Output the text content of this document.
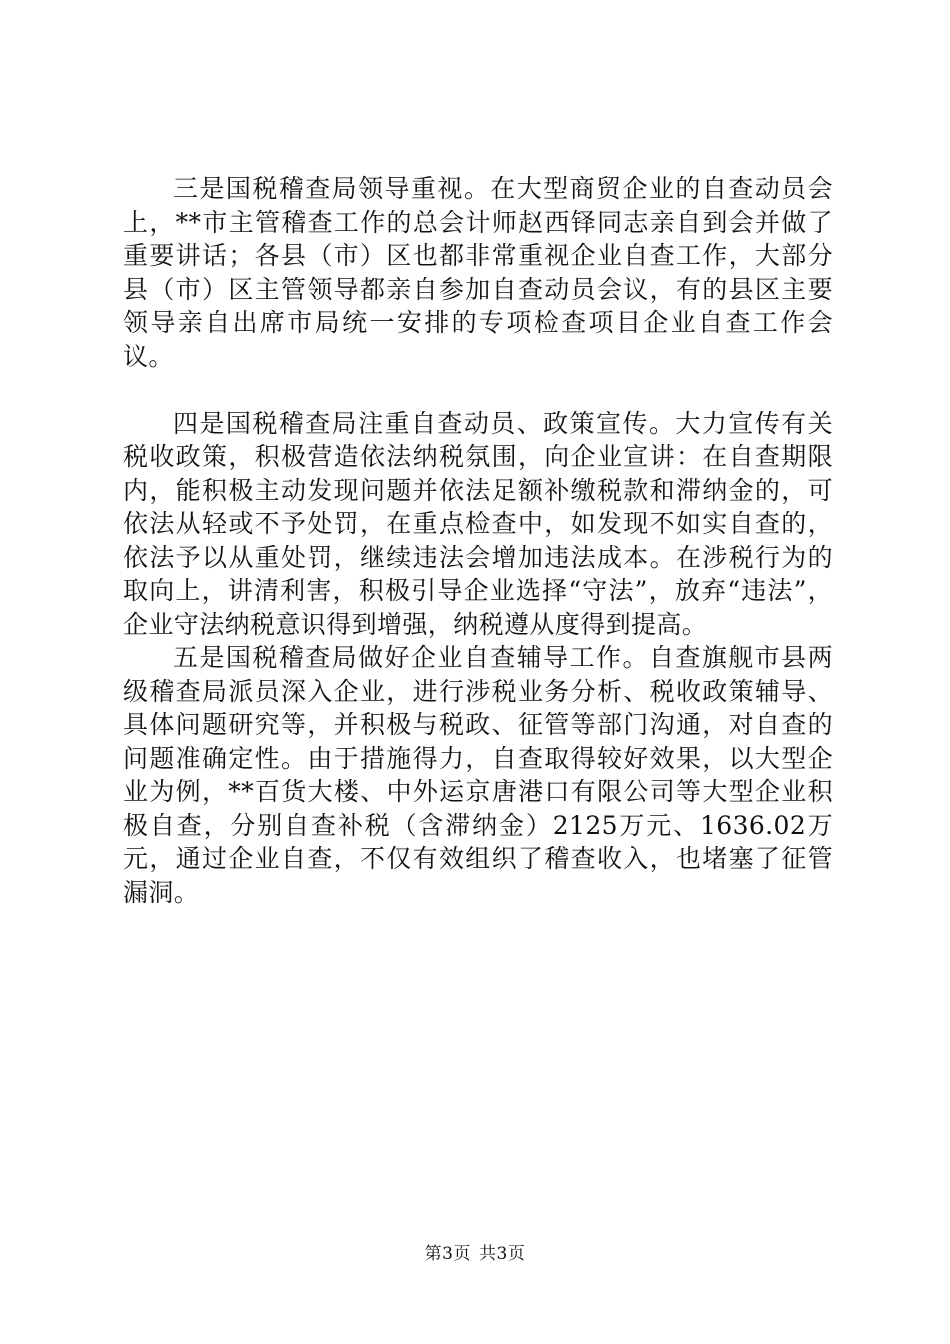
三是国税稽查局领导重视。在大型商贸企业的自查动员会上，**市主管稽查工作的总会计师赵西铎同志亲自到会并做了重要讲话；各县（市）区也都非常重视企业自查工作，大部分县（市）区主管领导都亲自参加自查动员会议，有的县区主要领导亲自出席市局统一安排的专项检查项目企业自查工作会议。

四是国税稽查局注重自查动员、政策宣传。大力宣传有关税收政策，积极营造依法纳税氛围，向企业宣讲：在自查期限内，能积极主动发现问题并依法足额补缴税款和滞纳金的，可依法从轻或不予处罚，在重点检查中，如发现不如实自查的，依法予以从重处罚，继续违法会增加违法成本。在涉税行为的取向上，讲清利害，积极引导企业选择“守法”，放弃“违法”，企业守法纳税意识得到增强，纳税遵从度得到提高。

五是国税稽查局做好企业自查辅导工作。自查旗舰市县两级稽查局派员深入企业，进行涉税业务分析、税收政策辅导、具体问题研究等，并积极与税政、征管等部门沟通，对自查的问题准确定性。由于措施得力，自查取得较好效果，以大型企业为例，**百货大楼、中外运京唐港口有限公司等大型企业积极自查，分别自查补税（含滞纳金）2125万元、1636.02万元，通过企业自查，不仅有效组织了稽查收入，也堵塞了征管漏洞。

第3页 共3页
